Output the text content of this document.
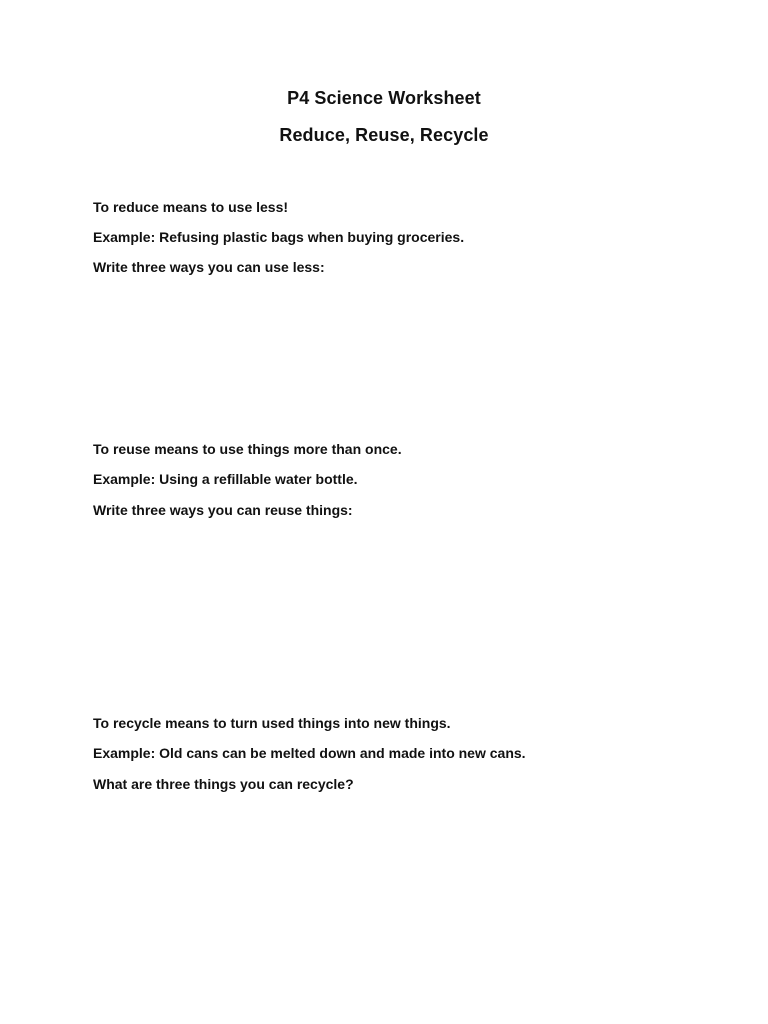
P4 Science Worksheet
Reduce, Reuse, Recycle

To reduce means to use less!

Example: Refusing plastic bags when buying groceries.

Write three ways you can use less:

To reuse means to use things more than once.

Example: Using a refillable water bottle.

Write three ways you can reuse things:

To recycle means to turn used things into new things.

Example: Old cans can be melted down and made into new cans.

What are three things you can recycle?
